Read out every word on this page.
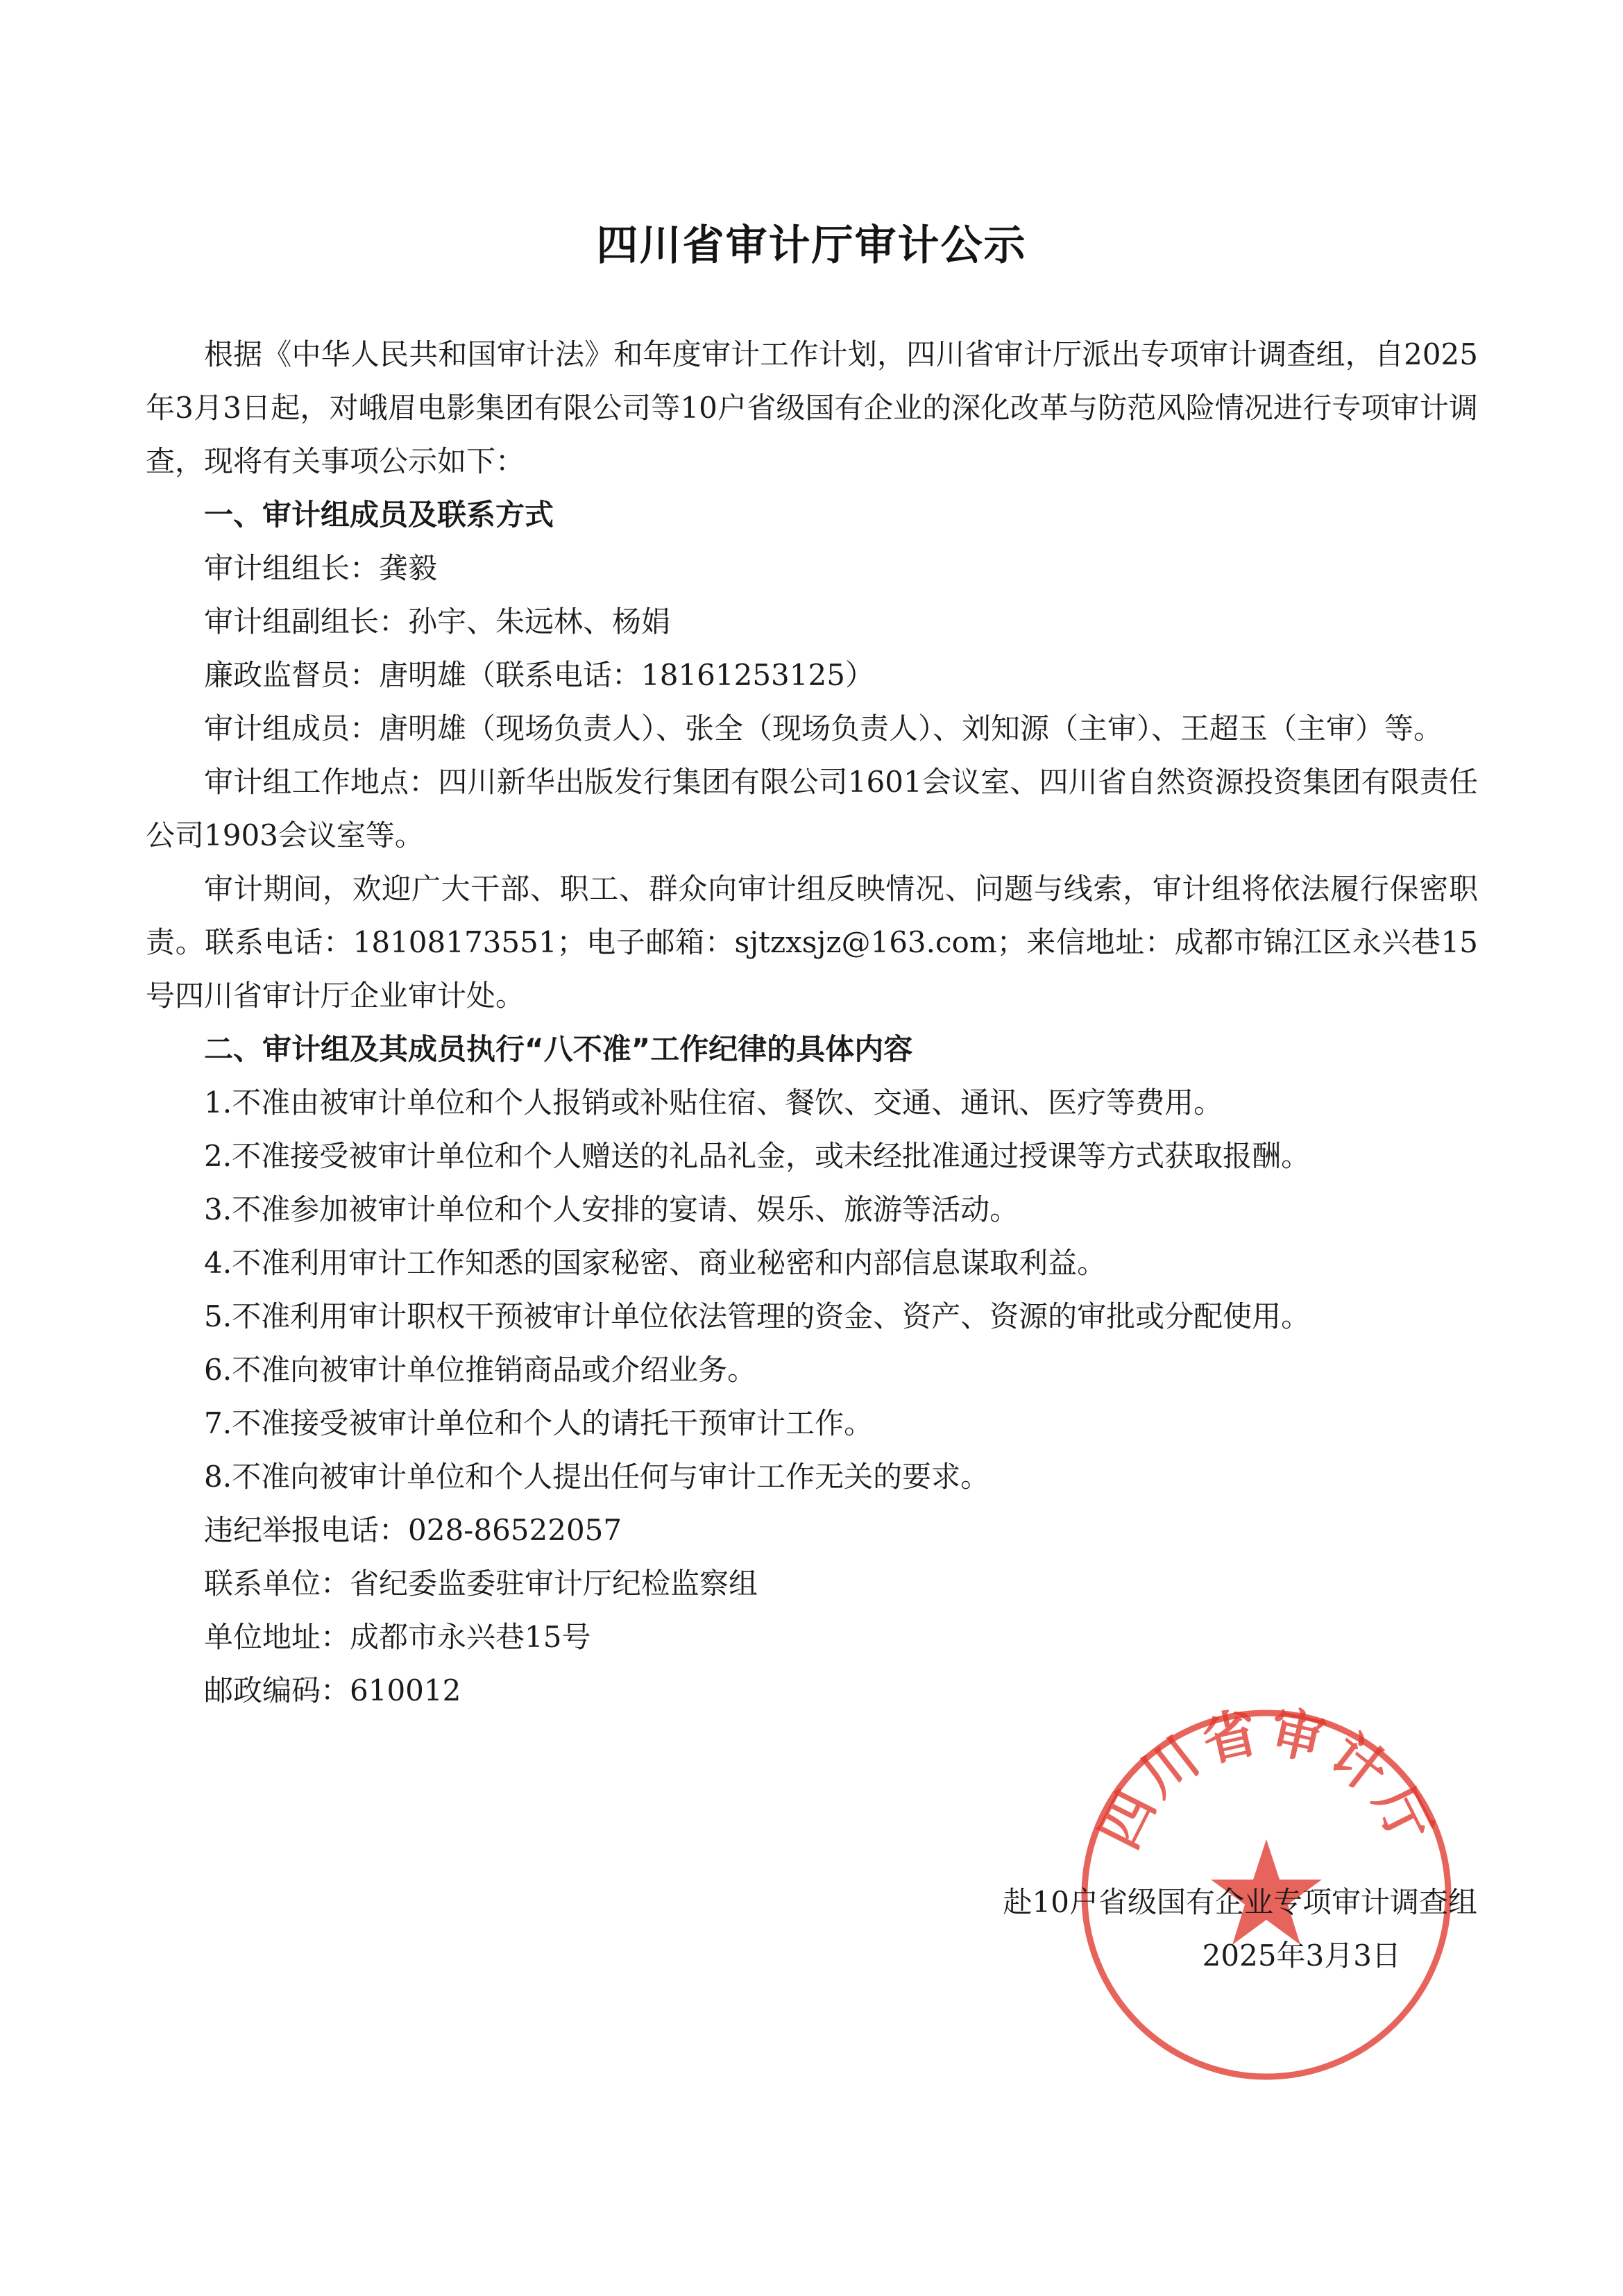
四川省审计厅审计公示

根据《中华人民共和国审计法》和年度审计工作计划，四川省审计厅派出专项审计调查组，自2025年3月3日起，对峨眉电影集团有限公司等10户省级国有企业的深化改革与防范风险情况进行专项审计调查，现将有关事项公示如下：

一、审计组成员及联系方式

审计组组长：龚毅

审计组副组长：孙宇、朱远林、杨娟

廉政监督员：唐明雄（联系电话：18161253125）

审计组成员：唐明雄（现场负责人）、张全（现场负责人）、刘知源（主审）、王超玉（主审）等。

审计组工作地点：四川新华出版发行集团有限公司1601会议室、四川省自然资源投资集团有限责任公司1903会议室等。

审计期间，欢迎广大干部、职工、群众向审计组反映情况、问题与线索，审计组将依法履行保密职责。联系电话：18108173551；电子邮箱：sjtzxsjz@163.com；来信地址：成都市锦江区永兴巷15号四川省审计厅企业审计处。

二、审计组及其成员执行“八不准”工作纪律的具体内容

1.不准由被审计单位和个人报销或补贴住宿、餐饮、交通、通讯、医疗等费用。

2.不准接受被审计单位和个人赠送的礼品礼金，或未经批准通过授课等方式获取报酬。

3.不准参加被审计单位和个人安排的宴请、娱乐、旅游等活动。

4.不准利用审计工作知悉的国家秘密、商业秘密和内部信息谋取利益。

5.不准利用审计职权干预被审计单位依法管理的资金、资产、资源的审批或分配使用。

6.不准向被审计单位推销商品或介绍业务。

7.不准接受被审计单位和个人的请托干预审计工作。

8.不准向被审计单位和个人提出任何与审计工作无关的要求。

违纪举报电话：028-86522057

联系单位：省纪委监委驻审计厅纪检监察组

单位地址：成都市永兴巷15号

邮政编码：610012

四川省审计厅
赴10户省级国有企业专项审计调查组
2025年3月3日
